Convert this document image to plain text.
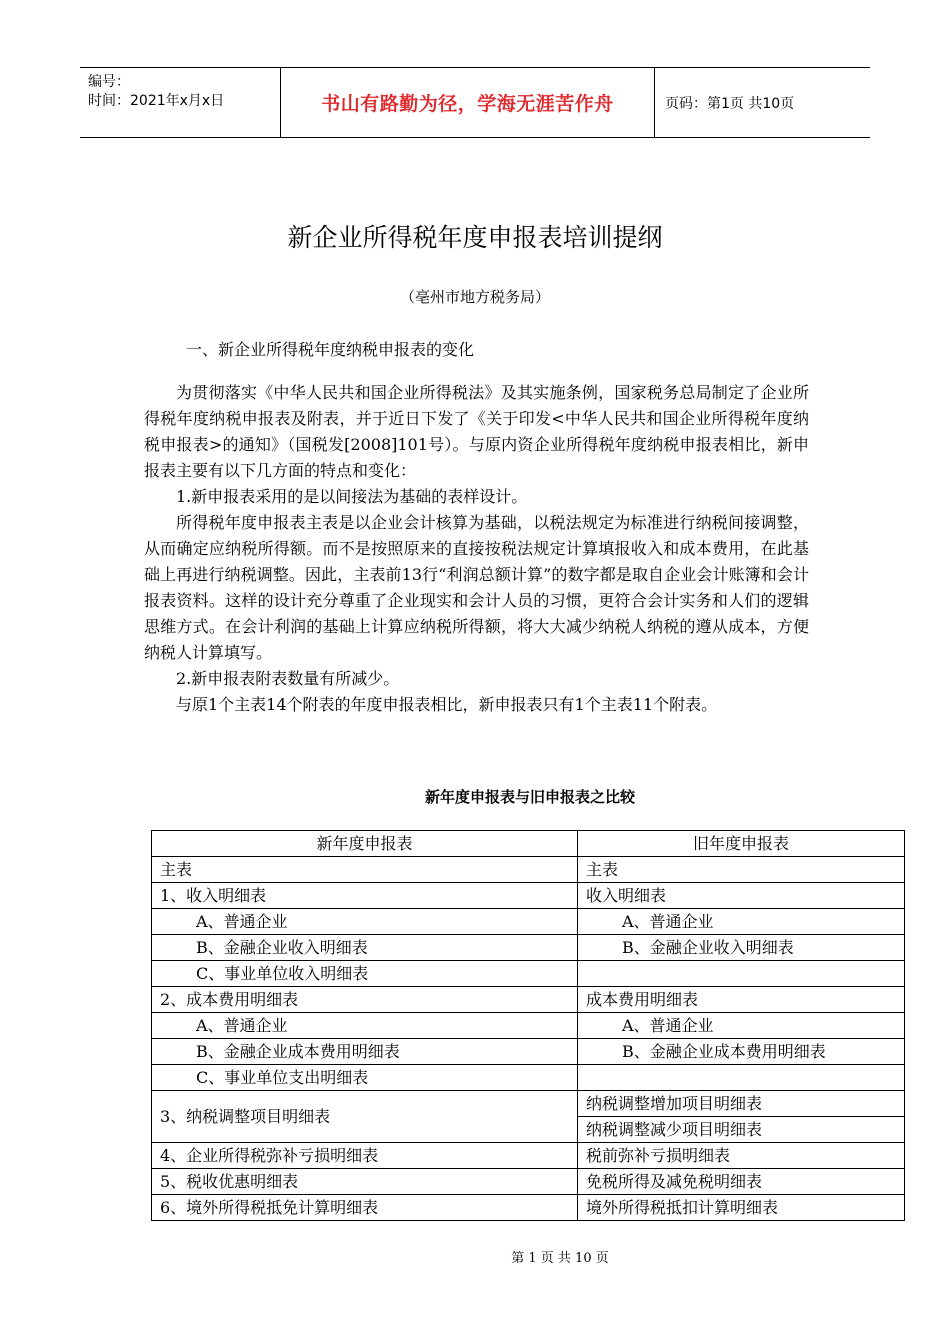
编号：
时间：2021年x月x日	书山有路勤为径，学海无涯苦作舟	页码：第1页 共10页
新企业所得税年度申报表培训提纲
（亳州市地方税务局）
一、新企业所得税年度纳税申报表的变化

为贯彻落实《中华人民共和国企业所得税法》及其实施条例，国家税务总局制定了企业所得税年度纳税申报表及附表，并于近日下发了《关于印发<中华人民共和国企业所得税年度纳税申报表>的通知》（国税发[2008]101号）。与原内资企业所得税年度纳税申报表相比，新申报表主要有以下几方面的特点和变化：

1.新申报表采用的是以间接法为基础的表样设计。

所得税年度申报表主表是以企业会计核算为基础，以税法规定为标准进行纳税间接调整，从而确定应纳税所得额。而不是按照原来的直接按税法规定计算填报收入和成本费用，在此基础上再进行纳税调整。因此，主表前13行“利润总额计算”的数字都是取自企业会计账簿和会计报表资料。这样的设计充分尊重了企业现实和会计人员的习惯，更符合会计实务和人们的逻辑思维方式。在会计利润的基础上计算应纳税所得额，将大大减少纳税人纳税的遵从成本，方便纳税人计算填写。

2.新申报表附表数量有所减少。

与原1个主表14个附表的年度申报表相比，新申报表只有1个主表11个附表。

新年度申报表与旧申报表之比较
新年度申报表	旧年度申报表
主表	主表
1、收入明细表	收入明细表
A、普通企业	A、普通企业
B、金融企业收入明细表	B、金融企业收入明细表
C、事业单位收入明细表	
2、成本费用明细表	成本费用明细表
A、普通企业	A、普通企业
B、金融企业成本费用明细表	B、金融企业成本费用明细表
C、事业单位支出明细表	
3、纳税调整项目明细表	纳税调整增加项目明细表
	纳税调整减少项目明细表
4、企业所得税弥补亏损明细表	税前弥补亏损明细表
5、税收优惠明细表	免税所得及减免税明细表
6、境外所得税抵免计算明细表	境外所得税抵扣计算明细表
第 1 页 共 10 页
